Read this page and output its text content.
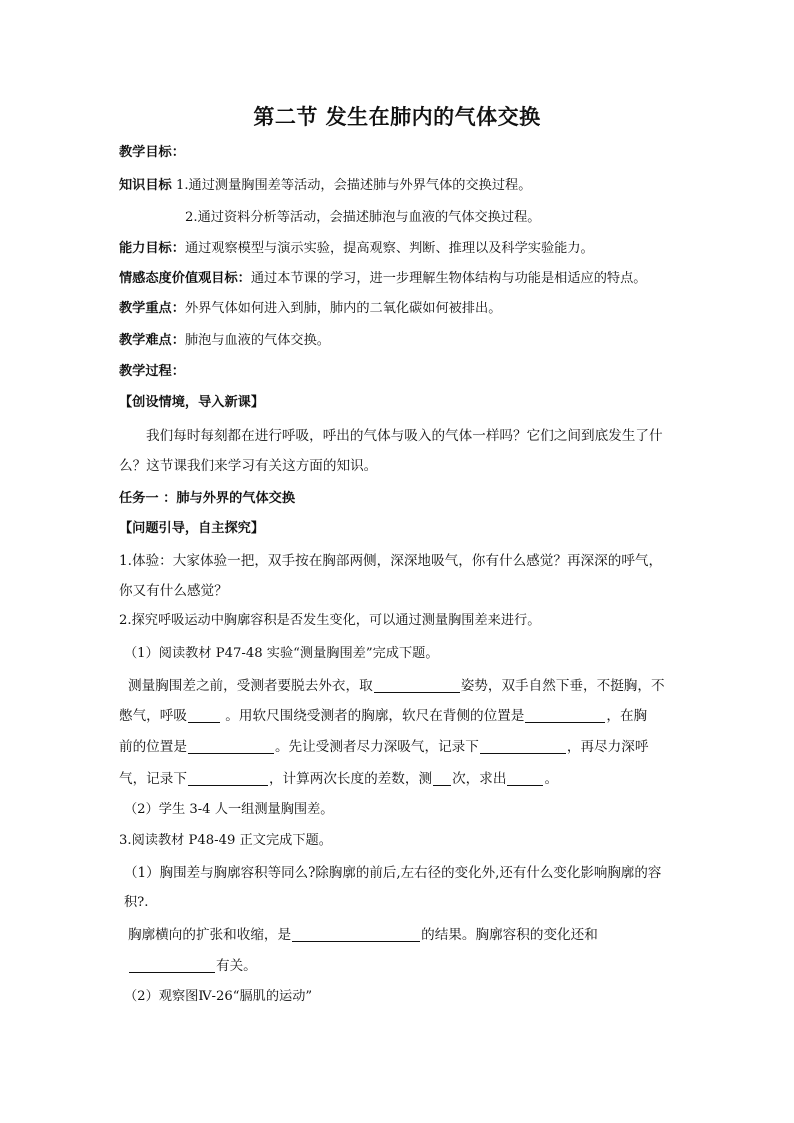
第二节 发生在肺内的气体交换
教学目标：
知识目标 1.通过测量胸围差等活动，会描述肺与外界气体的交换过程。
2.通过资料分析等活动，会描述肺泡与血液的气体交换过程。
能力目标：通过观察模型与演示实验，提高观察、判断、推理以及科学实验能力。
情感态度价值观目标：通过本节课的学习，进一步理解生物体结构与功能是相适应的特点。
教学重点：外界气体如何进入到肺，肺内的二氧化碳如何被排出。
教学难点：肺泡与血液的气体交换。
教学过程：
【创设情境，导入新课】
我们每时每刻都在进行呼吸，呼出的气体与吸入的气体一样吗？它们之间到底发生了什
么？这节课我们来学习有关这方面的知识。
任务一 ：肺与外界的气体交换
【问题引导，自主探究】
1.体验：大家体验一把，双手按在胸部两侧，深深地吸气，你有什么感觉？再深深的呼气，
你又有什么感觉？
2.探究呼吸运动中胸廓容积是否发生变化，可以通过测量胸围差来进行。
（1）阅读教材 P47-48 实验“测量胸围差”完成下题。
测量胸围差之前，受测者要脱去外衣，取	姿势，双手自然下垂，不挺胸，不
憋气，呼吸	。用软尺围绕受测者的胸廓，软尺在背侧的位置是	，在胸
前的位置是	。先让受测者尽力深吸气，记录下	，再尽力深呼
气，记录下	，计算两次长度的差数，测 次，求出	。
（2）学生 3-4 人一组测量胸围差。
3.阅读教材 P48-49 正文完成下题。
（1）胸围差与胸廓容积等同么?除胸廓的前后,左右径的变化外,还有什么变化影响胸廓的容
积?.
胸廓横向的扩张和收缩，是	的结果。胸廓容积的变化还和
有关。
（2）观察图Ⅳ-26“膈肌的运动”
